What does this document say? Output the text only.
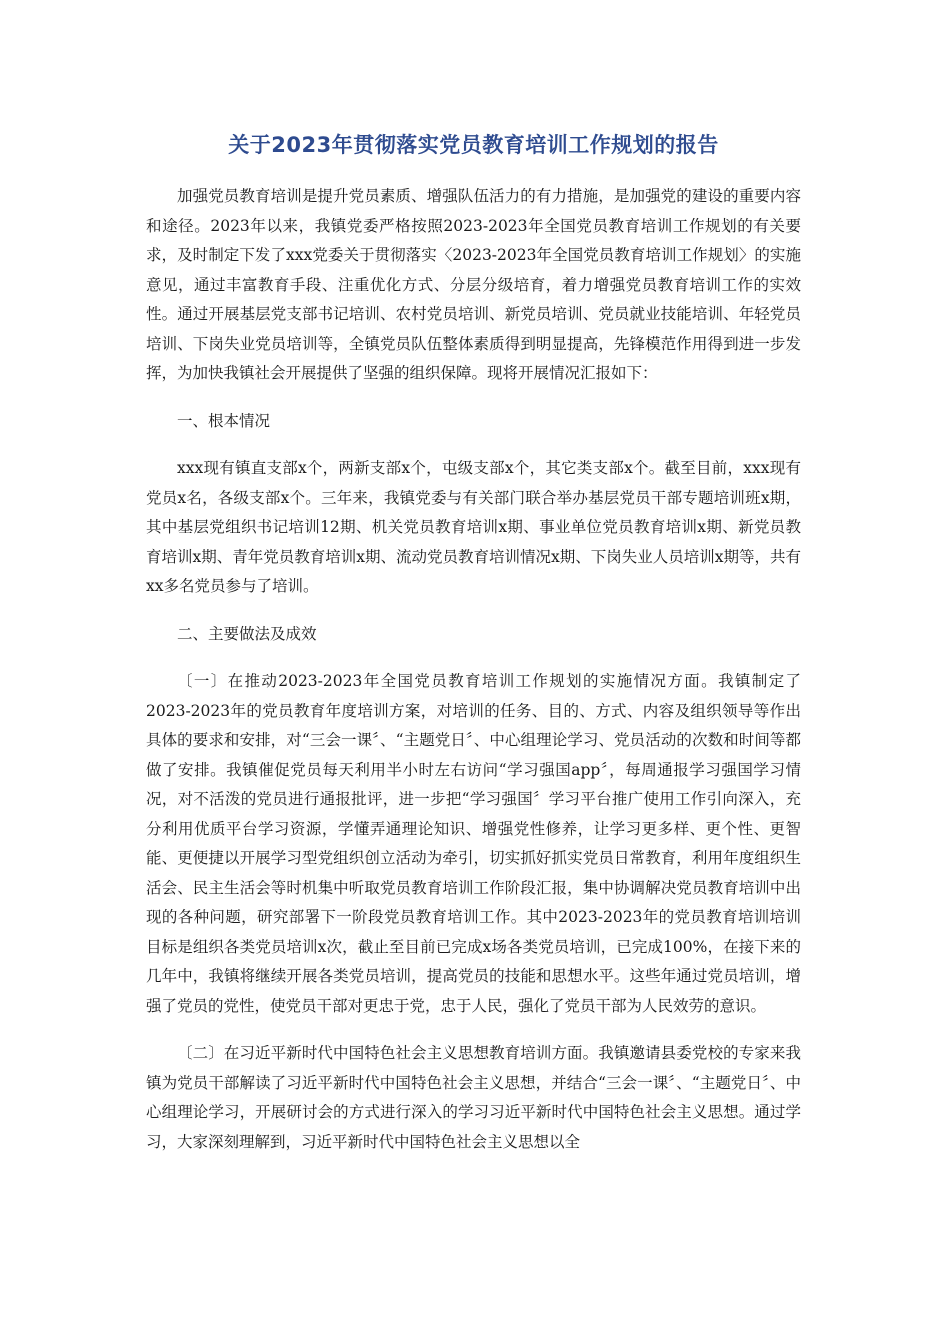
关于2023年贯彻落实党员教育培训工作规划的报告

加强党员教育培训是提升党员素质、增强队伍活力的有力措施，是加强党的建设的重要内容和途径。2023年以来，我镇党委严格按照2023-2023年全国党员教育培训工作规划的有关要求，及时制定下发了xxx党委关于贯彻落实〈2023-2023年全国党员教育培训工作规划〉的实施意见，通过丰富教育手段、注重优化方式、分层分级培育，着力增强党员教育培训工作的实效性。通过开展基层党支部书记培训、农村党员培训、新党员培训、党员就业技能培训、年轻党员培训、下岗失业党员培训等，全镇党员队伍整体素质得到明显提高，先锋模范作用得到进一步发挥，为加快我镇社会开展提供了坚强的组织保障。现将开展情况汇报如下：

一、根本情况

xxx现有镇直支部x个，两新支部x个，屯级支部x个，其它类支部x个。截至目前，xxx现有党员x名，各级支部x个。三年来，我镇党委与有关部门联合举办基层党员干部专题培训班x期，其中基层党组织书记培训12期、机关党员教育培训x期、事业单位党员教育培训x期、新党员教育培训x期、青年党员教育培训x期、流动党员教育培训情况x期、下岗失业人员培训x期等，共有xx多名党员参与了培训。

二、主要做法及成效

〔一〕在推动2023-2023年全国党员教育培训工作规划的实施情况方面。我镇制定了2023-2023年的党员教育年度培训方案，对培训的任务、目的、方式、内容及组织领导等作出具体的要求和安排，对“三会一课〞、“主题党日〞、中心组理论学习、党员活动的次数和时间等都做了安排。我镇催促党员每天利用半小时左右访问“学习强国app〞，每周通报学习强国学习情况，对不活泼的党员进行通报批评，进一步把“学习强国〞学习平台推广使用工作引向深入，充分利用优质平台学习资源，学懂弄通理论知识、增强党性修养，让学习更多样、更个性、更智能、更便捷以开展学习型党组织创立活动为牵引，切实抓好抓实党员日常教育，利用年度组织生活会、民主生活会等时机集中听取党员教育培训工作阶段汇报，集中协调解决党员教育培训中出现的各种问题，研究部署下一阶段党员教育培训工作。其中2023-2023年的党员教育培训培训目标是组织各类党员培训x次，截止至目前已完成x场各类党员培训，已完成100%，在接下来的几年中，我镇将继续开展各类党员培训，提高党员的技能和思想水平。这些年通过党员培训，增强了党员的党性，使党员干部对更忠于党，忠于人民，强化了党员干部为人民效劳的意识。

〔二〕在习近平新时代中国特色社会主义思想教育培训方面。我镇邀请县委党校的专家来我镇为党员干部解读了习近平新时代中国特色社会主义思想，并结合“三会一课〞、“主题党日〞、中心组理论学习，开展研讨会的方式进行深入的学习习近平新时代中国特色社会主义思想。通过学习，大家深刻理解到，习近平新时代中国特色社会主义思想以全
